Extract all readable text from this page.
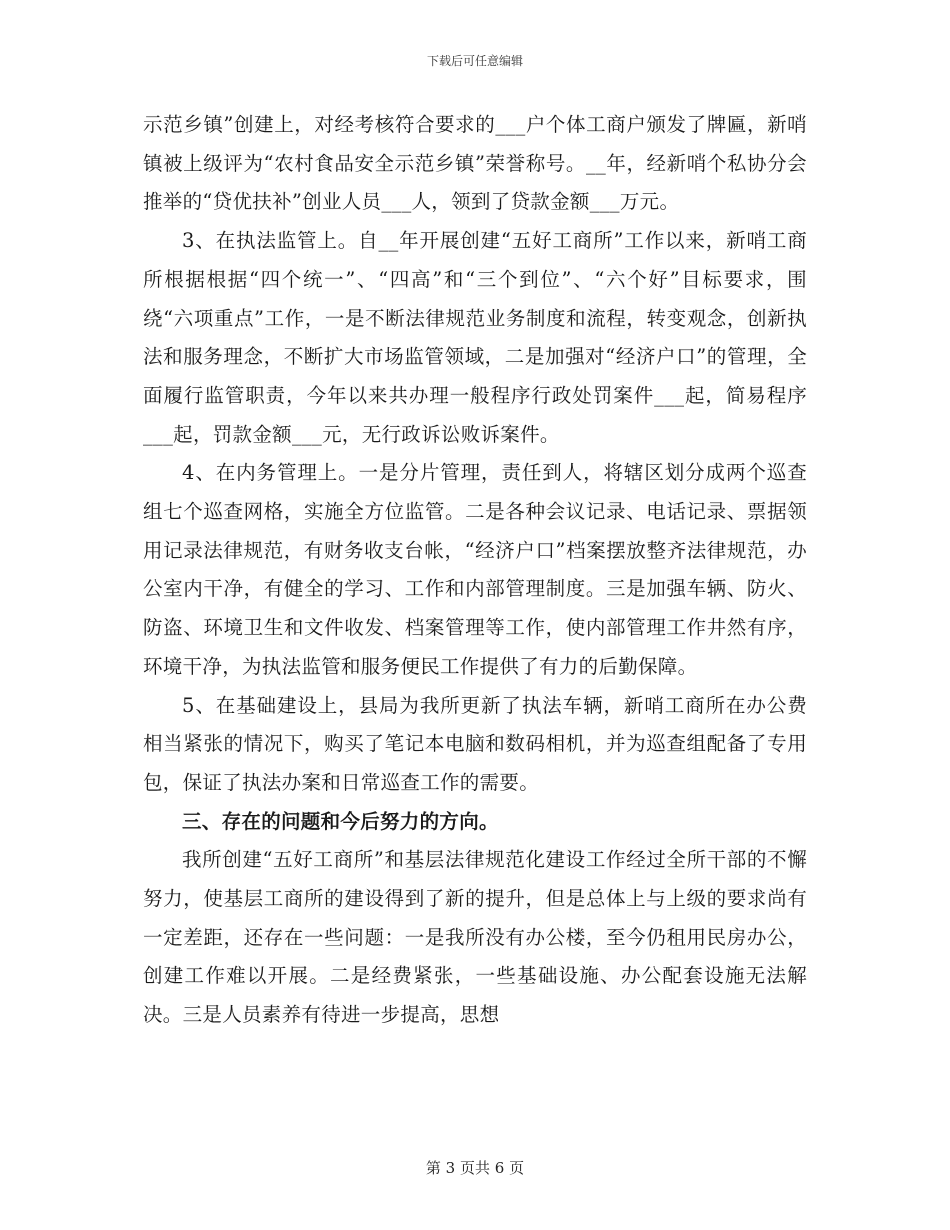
下载后可任意编辑

示范乡镇”创建上，对经考核符合要求的___户个体工商户颁发了牌匾，新哨镇被上级评为“农村食品安全示范乡镇”荣誉称号。__年，经新哨个私协分会推举的“贷优扶补”创业人员___人，领到了贷款金额___万元。

3、在执法监管上。自__年开展创建“五好工商所”工作以来，新哨工商所根据根据“四个统一”、“四高”和“三个到位”、“六个好”目标要求，围绕“六项重点”工作，一是不断法律规范业务制度和流程，转变观念，创新执法和服务理念，不断扩大市场监管领域，二是加强对“经济户口”的管理，全面履行监管职责，今年以来共办理一般程序行政处罚案件___起，简易程序___起，罚款金额___元，无行政诉讼败诉案件。

4、在内务管理上。一是分片管理，责任到人，将辖区划分成两个巡查组七个巡查网格，实施全方位监管。二是各种会议记录、电话记录、票据领用记录法律规范，有财务收支台帐，“经济户口”档案摆放整齐法律规范，办公室内干净，有健全的学习、工作和内部管理制度。三是加强车辆、防火、防盗、环境卫生和文件收发、档案管理等工作，使内部管理工作井然有序，环境干净，为执法监管和服务便民工作提供了有力的后勤保障。

5、在基础建设上，县局为我所更新了执法车辆，新哨工商所在办公费相当紧张的情况下，购买了笔记本电脑和数码相机，并为巡查组配备了专用包，保证了执法办案和日常巡查工作的需要。

三、存在的问题和今后努力的方向。

我所创建“五好工商所”和基层法律规范化建设工作经过全所干部的不懈努力，使基层工商所的建设得到了新的提升，但是总体上与上级的要求尚有一定差距，还存在一些问题：一是我所没有办公楼，至今仍租用民房办公，创建工作难以开展。二是经费紧张，一些基础设施、办公配套设施无法解决。三是人员素养有待进一步提高，思想

第 3 页共 6 页
